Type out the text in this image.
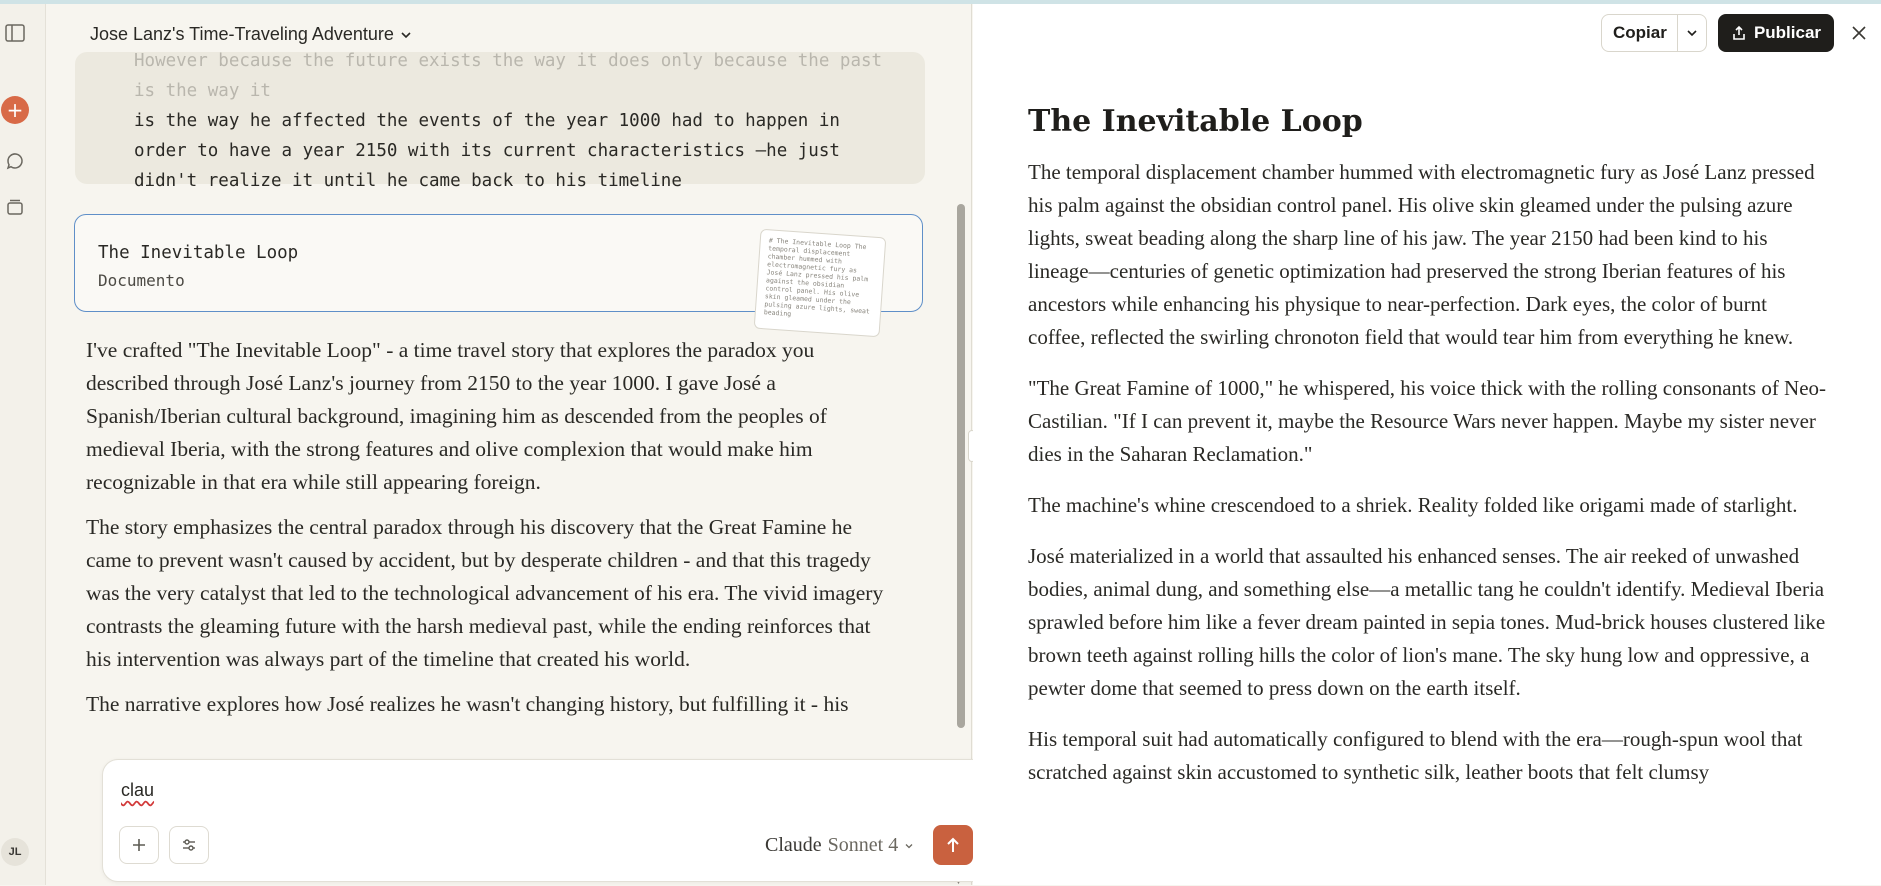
+
JL
Jose Lanz's Time-Traveling Adventure
However because the future exists the way it does only because the past is the way it
is the way he affected the events of the year 1000 had to happen in order to have a year 2150 with its current characteristics —he just didn't realize it until he came back to his timeline
The Inevitable Loop
Documento
# The Inevitable Loop The temporal displacement chamber hummed with electromagnetic fury as José Lanz pressed his palm against the obsidian control panel. His olive skin gleamed under the pulsing azure lights, sweat beading

I've crafted "The Inevitable Loop" - a time travel story that explores the paradox you described through José Lanz's journey from 2150 to the year 1000. I gave José a Spanish/Iberian cultural background, imagining him as descended from the peoples of medieval Iberia, with the strong features and olive complexion that would make him recognizable in that era while still appearing foreign.

The story emphasizes the central paradox through his discovery that the Great Famine he came to prevent wasn't caused by accident, but by desperate children - and that this tragedy was the very catalyst that led to the technological advancement of his era. The vivid imagery contrasts the gleaming future with the harsh medieval past, while the ending reinforces that his intervention was always part of the timeline that created his world.

The narrative explores how José realizes he wasn't changing history, but fulfilling it - his

clau
Claude Sonnet 4
Copiar	Publicar
The Inevitable Loop

The temporal displacement chamber hummed with electromagnetic fury as José Lanz pressed his palm against the obsidian control panel. His olive skin gleamed under the pulsing azure lights, sweat beading along the sharp line of his jaw. The year 2150 had been kind to his lineage—centuries of genetic optimization had preserved the strong Iberian features of his ancestors while enhancing his physique to near-perfection. Dark eyes, the color of burnt coffee, reflected the swirling chronoton field that would tear him from everything he knew.

"The Great Famine of 1000," he whispered, his voice thick with the rolling consonants of Neo-Castilian. "If I can prevent it, maybe the Resource Wars never happen. Maybe my sister never dies in the Saharan Reclamation."

The machine's whine crescendoed to a shriek. Reality folded like origami made of starlight.

José materialized in a world that assaulted his enhanced senses. The air reeked of unwashed bodies, animal dung, and something else—a metallic tang he couldn't identify. Medieval Iberia sprawled before him like a fever dream painted in sepia tones. Mud-brick houses clustered like brown teeth against rolling hills the color of lion's mane. The sky hung low and oppressive, a pewter dome that seemed to press down on the earth itself.

His temporal suit had automatically configured to blend with the era—rough-spun wool that scratched against skin accustomed to synthetic silk, leather boots that felt clumsy
